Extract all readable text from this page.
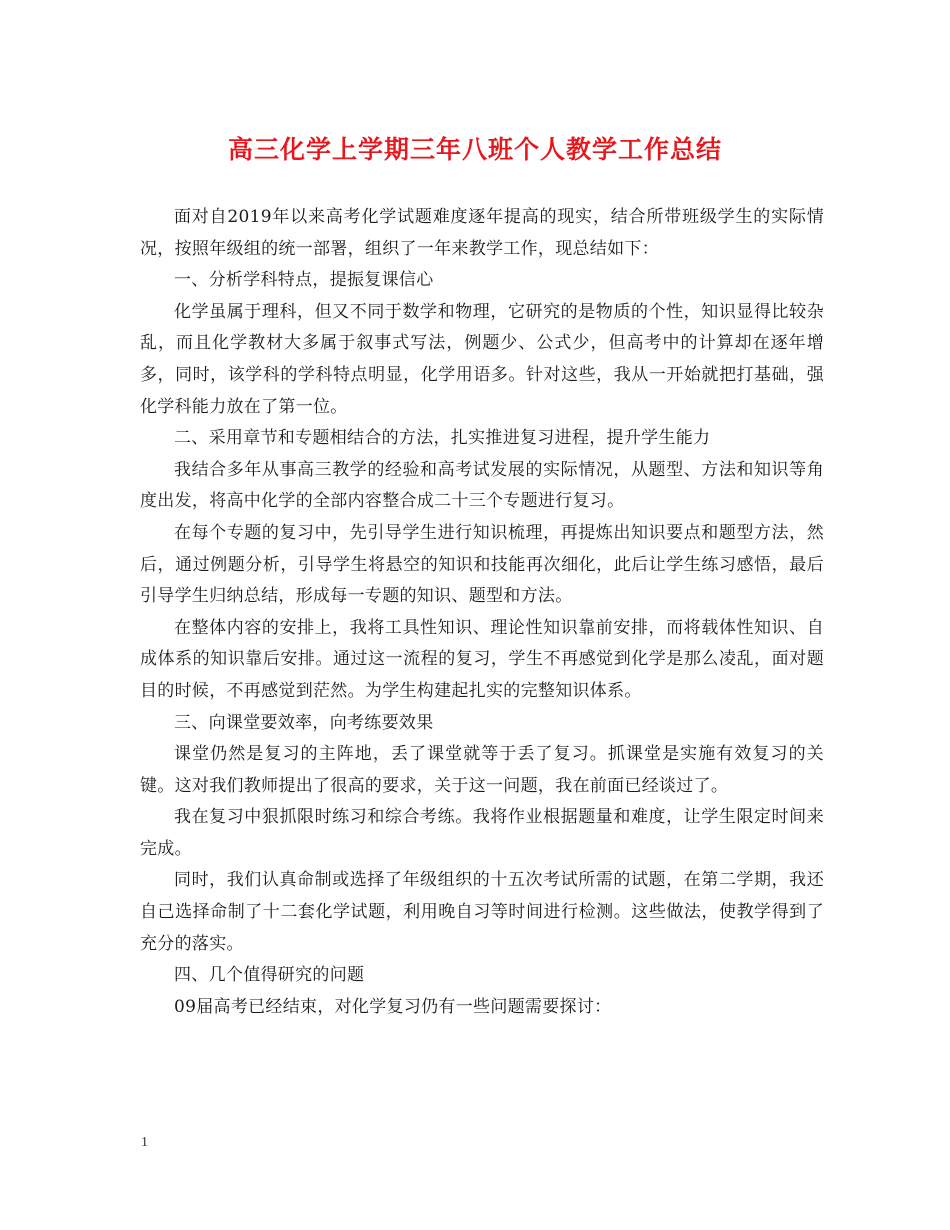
高三化学上学期三年八班个人教学工作总结

面对自2019年以来高考化学试题难度逐年提高的现实，结合所带班级学生的实际情况，按照年级组的统一部署，组织了一年来教学工作，现总结如下：

一、分析学科特点，提振复课信心

化学虽属于理科，但又不同于数学和物理，它研究的是物质的个性，知识显得比较杂乱，而且化学教材大多属于叙事式写法，例题少、公式少，但高考中的计算却在逐年增多，同时，该学科的学科特点明显，化学用语多。针对这些，我从一开始就把打基础，强化学科能力放在了第一位。

二、采用章节和专题相结合的方法，扎实推进复习进程，提升学生能力

我结合多年从事高三教学的经验和高考试发展的实际情况，从题型、方法和知识等角度出发，将高中化学的全部内容整合成二十三个专题进行复习。

在每个专题的复习中，先引导学生进行知识梳理，再提炼出知识要点和题型方法，然后，通过例题分析，引导学生将悬空的知识和技能再次细化，此后让学生练习感悟，最后引导学生归纳总结，形成每一专题的知识、题型和方法。

在整体内容的安排上，我将工具性知识、理论性知识靠前安排，而将载体性知识、自成体系的知识靠后安排。通过这一流程的复习，学生不再感觉到化学是那么凌乱，面对题目的时候，不再感觉到茫然。为学生构建起扎实的完整知识体系。

三、向课堂要效率，向考练要效果

课堂仍然是复习的主阵地，丢了课堂就等于丢了复习。抓课堂是实施有效复习的关键。这对我们教师提出了很高的要求，关于这一问题，我在前面已经谈过了。

我在复习中狠抓限时练习和综合考练。我将作业根据题量和难度，让学生限定时间来完成。

同时，我们认真命制或选择了年级组织的十五次考试所需的试题，在第二学期，我还自己选择命制了十二套化学试题，利用晚自习等时间进行检测。这些做法，使教学得到了充分的落实。

四、几个值得研究的问题

09届高考已经结束，对化学复习仍有一些问题需要探讨：

1
